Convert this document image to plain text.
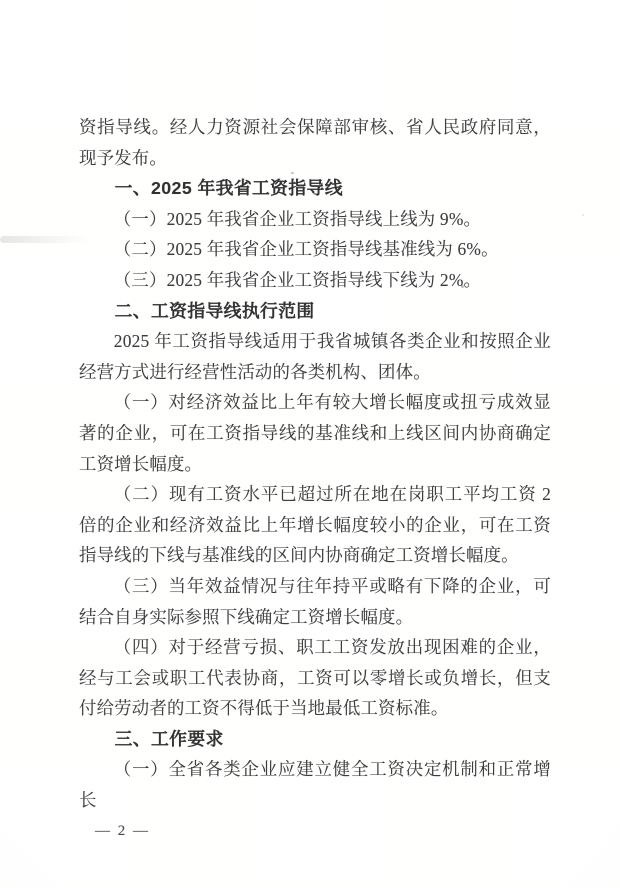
资指导线。经人力资源社会保障部审核、省人民政府同意，现予发布。

一、2025 年我省工资指导线

（一）2025 年我省企业工资指导线上线为 9%。

（二）2025 年我省企业工资指导线基准线为 6%。

（三）2025 年我省企业工资指导线下线为 2%。

二、工资指导线执行范围

2025 年工资指导线适用于我省城镇各类企业和按照企业经营方式进行经营性活动的各类机构、团体。

（一）对经济效益比上年有较大增长幅度或扭亏成效显著的企业，可在工资指导线的基准线和上线区间内协商确定工资增长幅度。

（二）现有工资水平已超过所在地在岗职工平均工资 2 倍的企业和经济效益比上年增长幅度较小的企业，可在工资指导线的下线与基准线的区间内协商确定工资增长幅度。

（三）当年效益情况与往年持平或略有下降的企业，可结合自身实际参照下线确定工资增长幅度。

（四）对于经营亏损、职工工资发放出现困难的企业，经与工会或职工代表协商，工资可以零增长或负增长，但支付给劳动者的工资不得低于当地最低工资标准。

三、工作要求

（一）全省各类企业应建立健全工资决定机制和正常增长

— 2 —
